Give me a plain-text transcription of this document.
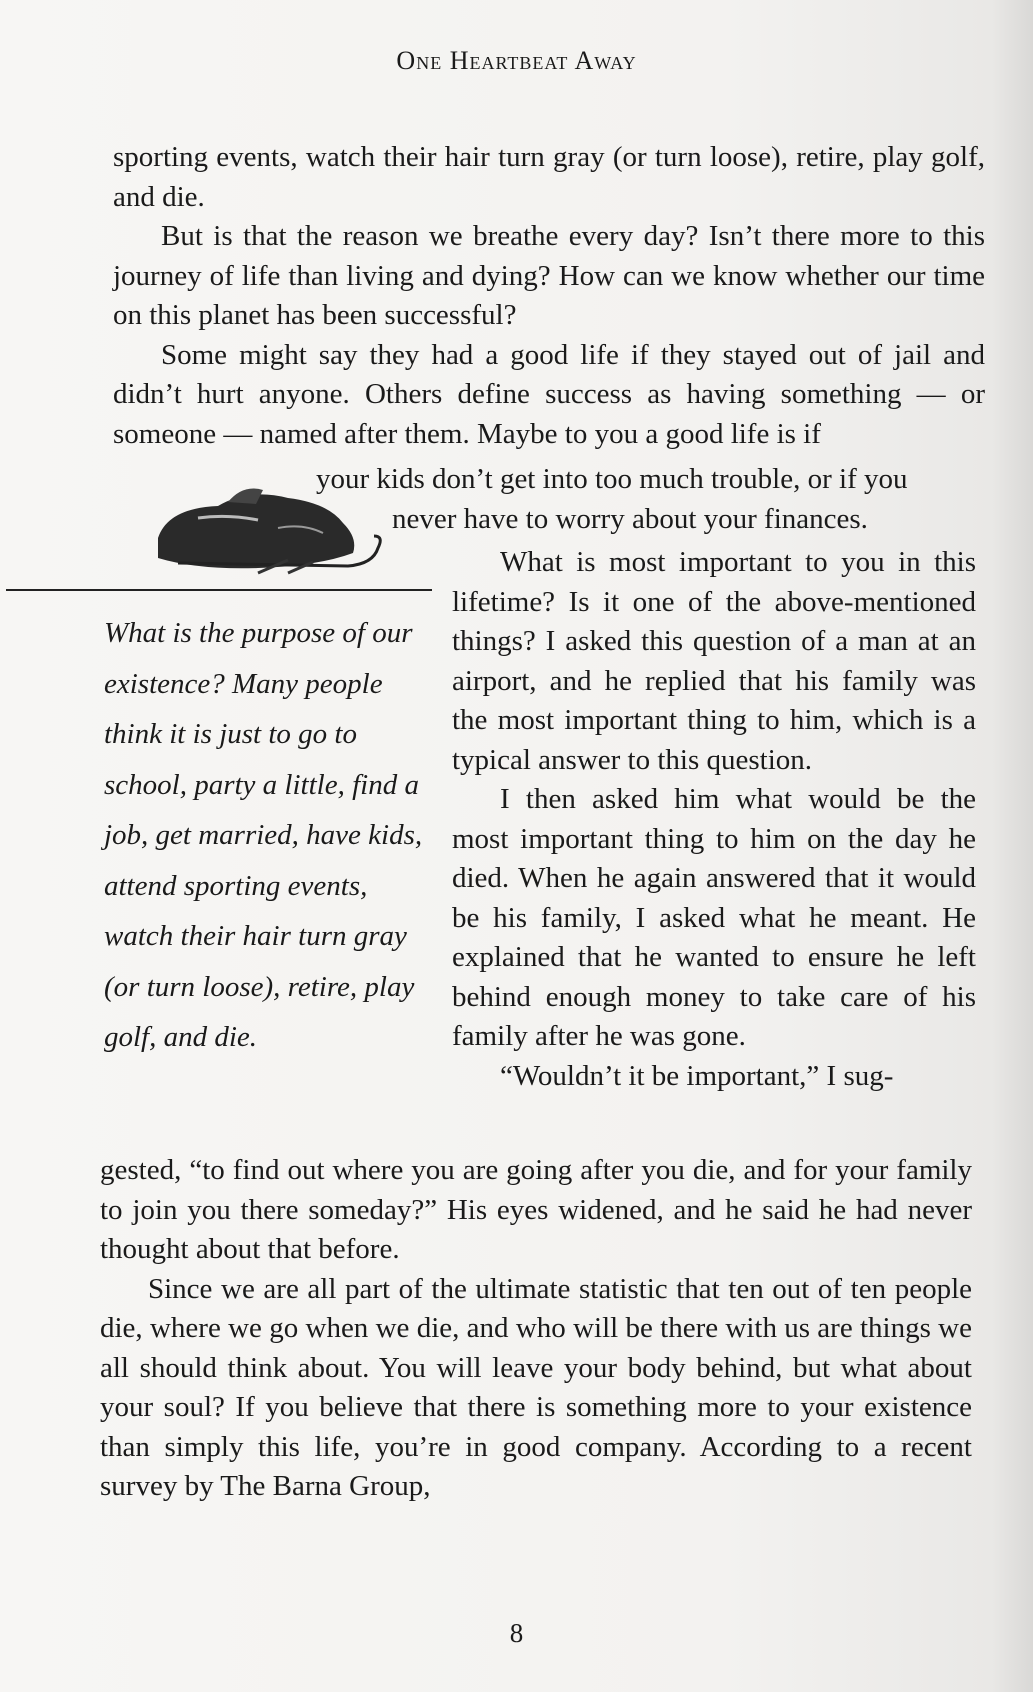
One Heartbeat Away

sporting events, watch their hair turn gray (or turn loose), retire, play golf, and die.

But is that the reason we breathe every day? Isn’t there more to this journey of life than living and dying? How can we know whether our time on this planet has been successful?

Some might say they had a good life if they stayed out of jail and didn’t hurt anyone. Others define success as having something — or someone — named after them. Maybe to you a good life is if

your kids don’t get into too much trouble, or if you
never have to worry about your finances.
What is the purpose of our existence? Many people think it is just to go to school, party a little, find a job, get married, have kids, attend sporting events, watch their hair turn gray (or turn loose), retire, play golf, and die.

What is most important to you in this lifetime? Is it one of the above-mentioned things? I asked this question of a man at an airport, and he replied that his family was the most important thing to him, which is a typical answer to this question.

I then asked him what would be the most important thing to him on the day he died. When he again answered that it would be his family, I asked what he meant. He explained that he wanted to ensure he left behind enough money to take care of his family after he was gone.

“Wouldn’t it be important,” I sug-

gested, “to find out where you are going after you die, and for your family to join you there someday?” His eyes widened, and he said he had never thought about that before.

Since we are all part of the ultimate statistic that ten out of ten people die, where we go when we die, and who will be there with us are things we all should think about. You will leave your body behind, but what about your soul? If you believe that there is something more to your existence than simply this life, you’re in good company. According to a recent survey by The Barna Group,

8
